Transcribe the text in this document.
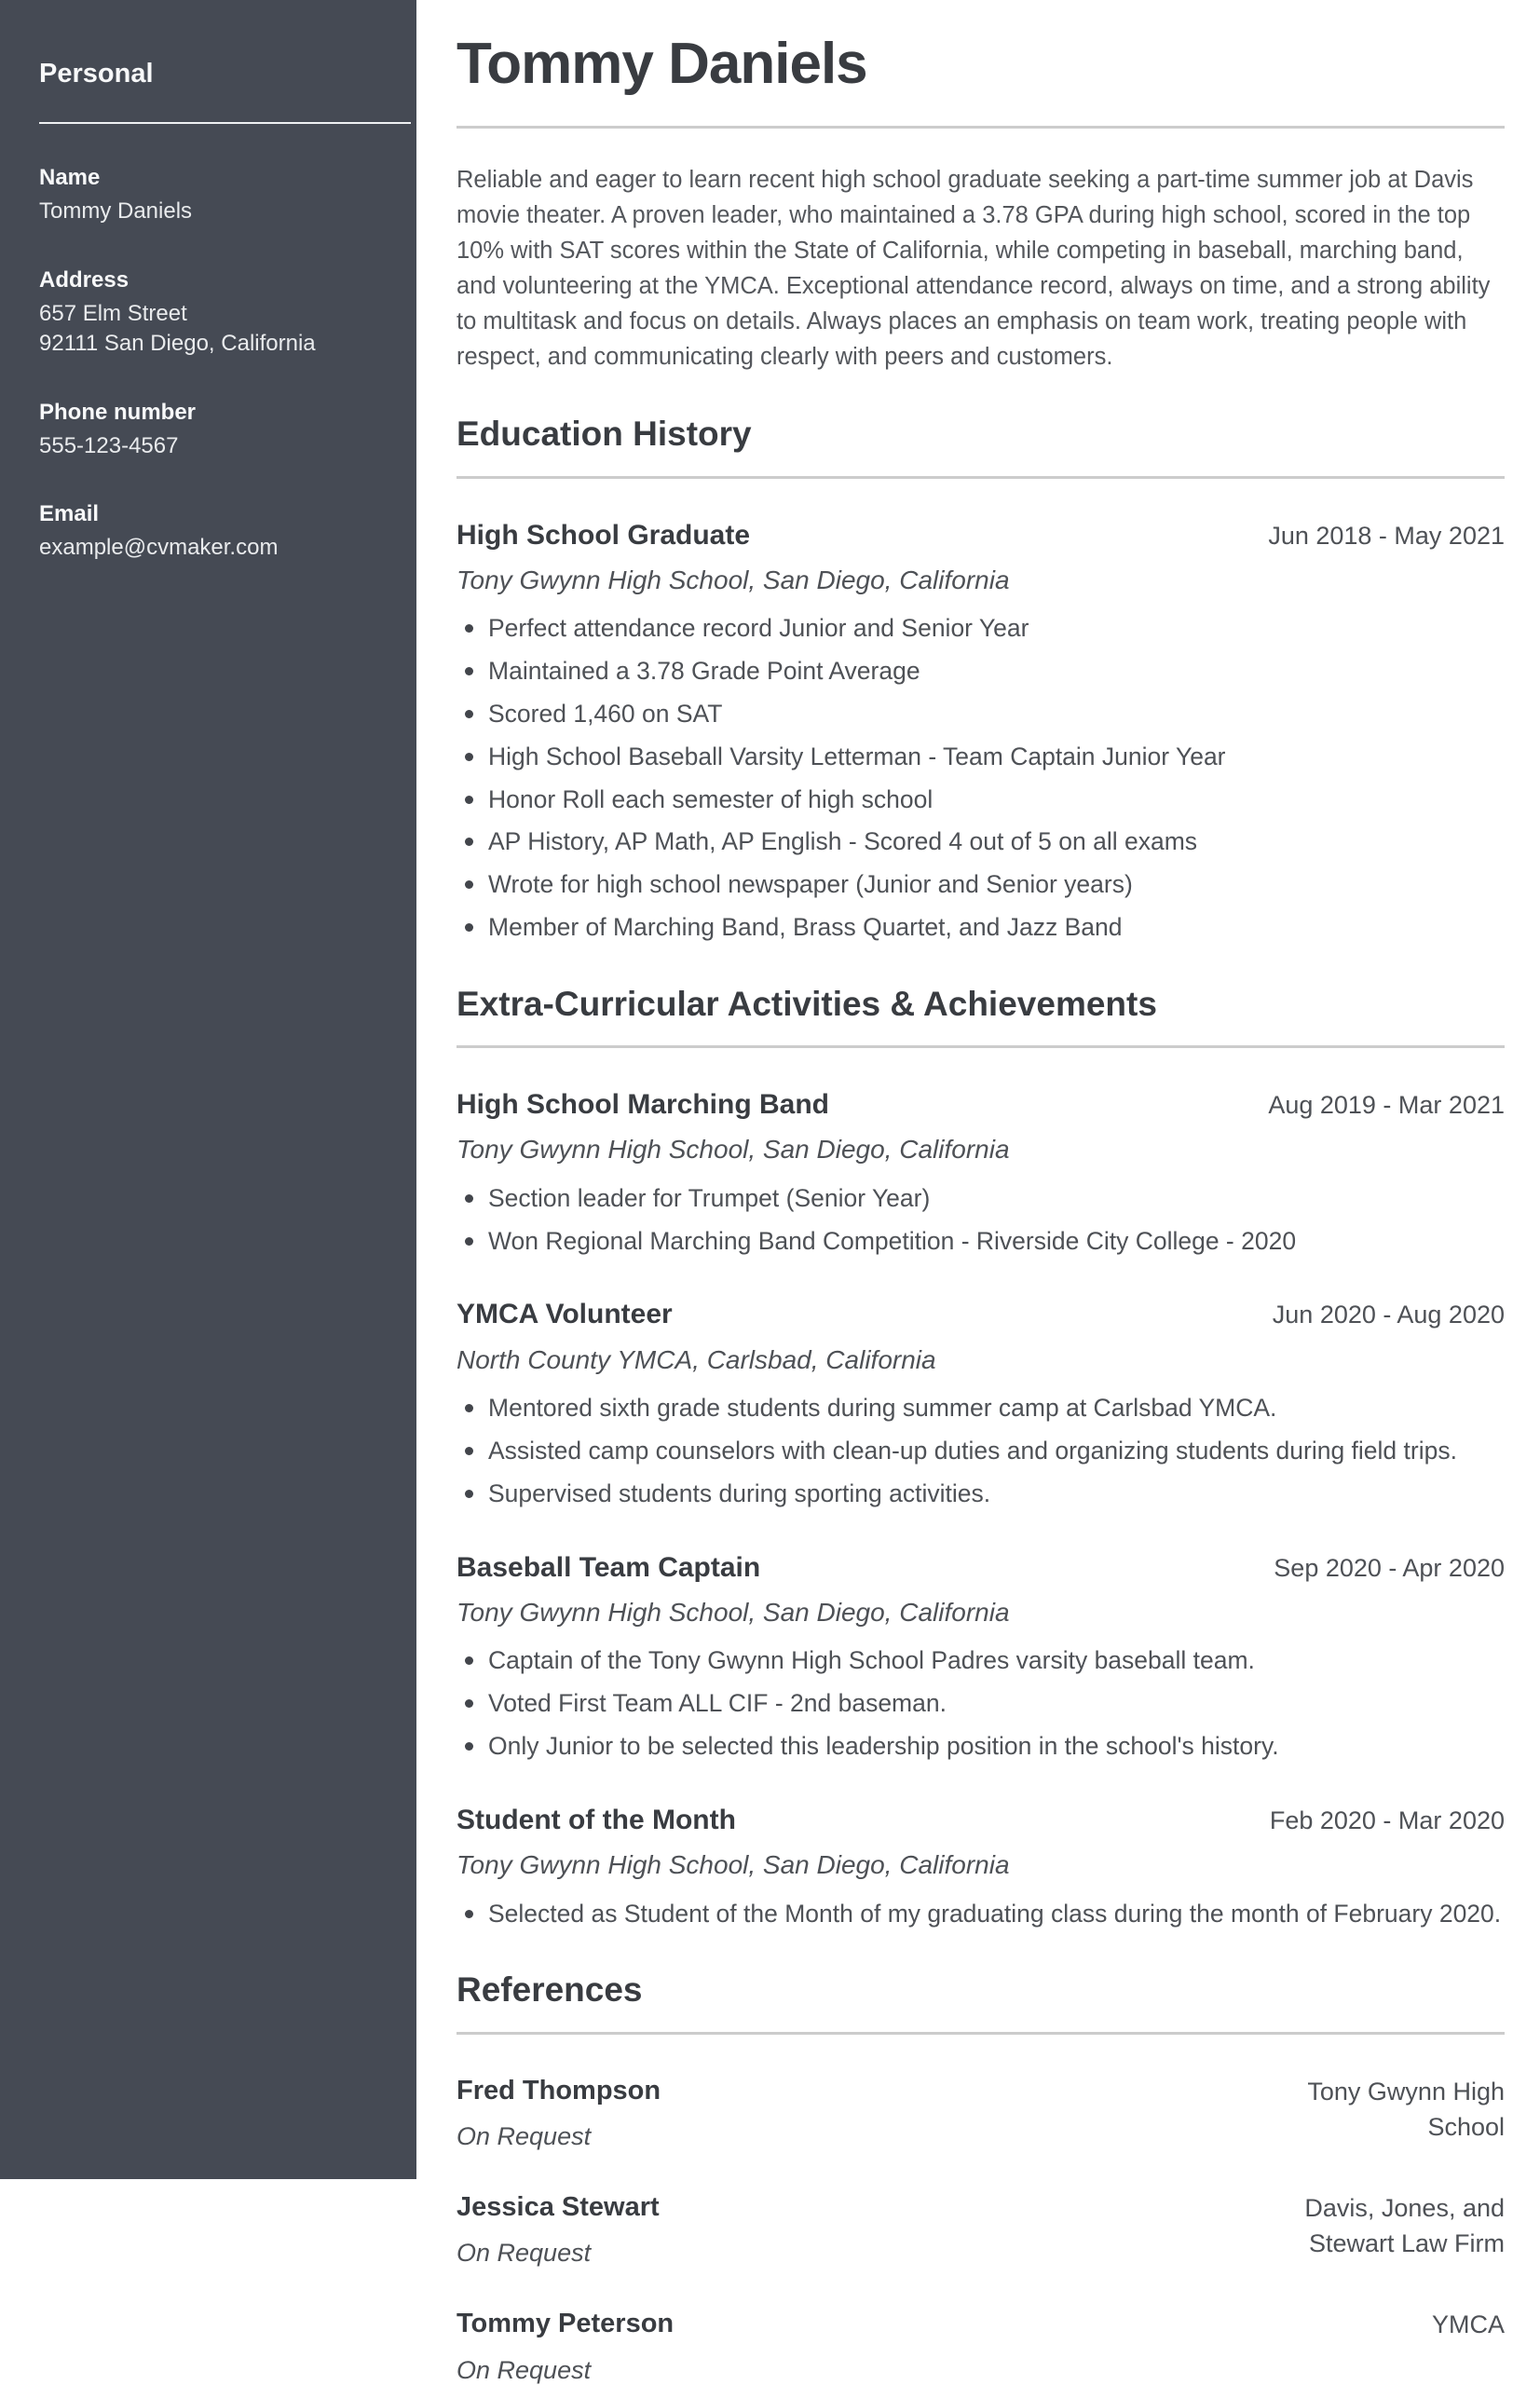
Personal
Name
Tommy Daniels
Address
657 Elm Street
92111 San Diego, California
Phone number
555-123-4567
Email
example@cvmaker.com
Tommy Daniels

Reliable and eager to learn recent high school graduate seeking a part-time summer job at Davis movie theater. A proven leader, who maintained a 3.78 GPA during high school, scored in the top 10% with SAT scores within the State of California, while competing in baseball, marching band, and volunteering at the YMCA. Exceptional attendance record, always on time, and a strong ability to multitask and focus on details. Always places an emphasis on team work, treating people with respect, and communicating clearly with peers and customers.

Education History
High School Graduate	Jun 2018 - May 2021
Tony Gwynn High School, San Diego, California
Perfect attendance record Junior and Senior Year
Maintained a 3.78 Grade Point Average
Scored 1,460 on SAT
High School Baseball Varsity Letterman - Team Captain Junior Year
Honor Roll each semester of high school
AP History, AP Math, AP English - Scored 4 out of 5 on all exams
Wrote for high school newspaper (Junior and Senior years)
Member of Marching Band, Brass Quartet, and Jazz Band
Extra-Curricular Activities & Achievements
High School Marching Band	Aug 2019 - Mar 2021
Tony Gwynn High School, San Diego, California
Section leader for Trumpet (Senior Year)
Won Regional Marching Band Competition - Riverside City College - 2020
YMCA Volunteer	Jun 2020 - Aug 2020
North County YMCA, Carlsbad, California
Mentored sixth grade students during summer camp at Carlsbad YMCA.
Assisted camp counselors with clean-up duties and organizing students during field trips.
Supervised students during sporting activities.
Baseball Team Captain	Sep 2020 - Apr 2020
Tony Gwynn High School, San Diego, California
Captain of the Tony Gwynn High School Padres varsity baseball team.
Voted First Team ALL CIF - 2nd baseman.
Only Junior to be selected this leadership position in the school's history.
Student of the Month	Feb 2020 - Mar 2020
Tony Gwynn High School, San Diego, California
Selected as Student of the Month of my graduating class during the month of February 2020.
References
Fred Thompson
On Request
Tony Gwynn High School
Jessica Stewart
On Request
Davis, Jones, and Stewart Law Firm
Tommy Peterson
On Request
YMCA
